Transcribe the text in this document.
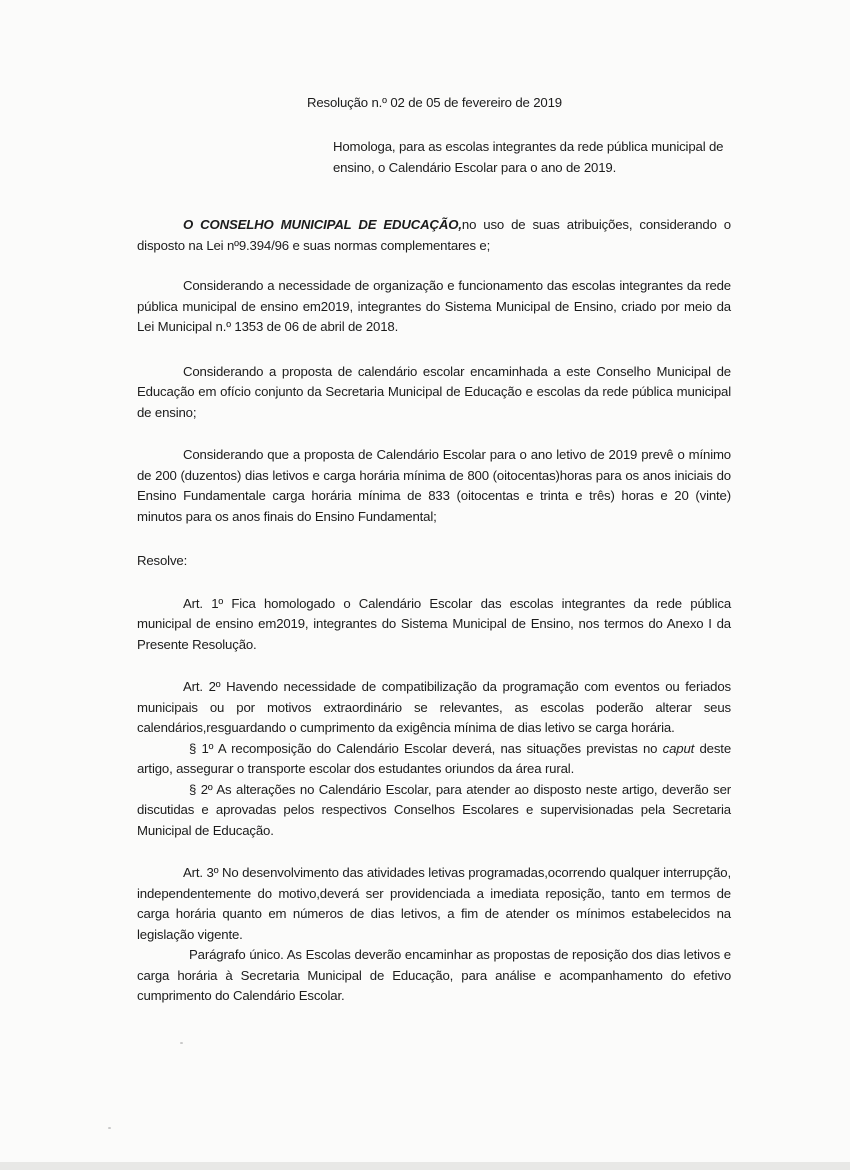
Resolução n.º 02 de 05 de fevereiro de 2019
Homologa, para as escolas integrantes da rede pública municipal de ensino, o Calendário Escolar para o ano de 2019.

O CONSELHO MUNICIPAL DE EDUCAÇÃO,no uso de suas atribuições, considerando o disposto na Lei nº9.394/96 e suas normas complementares e;

Considerando a necessidade de organização e funcionamento das escolas integrantes da rede pública municipal de ensino em2019, integrantes do Sistema Municipal de Ensino, criado por meio da Lei Municipal n.º 1353 de 06 de abril de 2018.

Considerando a proposta de calendário escolar encaminhada a este Conselho Municipal de Educação em ofício conjunto da Secretaria Municipal de Educação e escolas da rede pública municipal de ensino;

Considerando que a proposta de Calendário Escolar para o ano letivo de 2019 prevê o mínimo de 200 (duzentos) dias letivos e carga horária mínima de 800 (oitocentas)horas para os anos iniciais do Ensino Fundamentale carga horária mínima de 833 (oitocentas e trinta e três) horas e 20 (vinte) minutos para os anos finais do Ensino Fundamental;

Resolve:

Art. 1º Fica homologado o Calendário Escolar das escolas integrantes da rede pública municipal de ensino em2019, integrantes do Sistema Municipal de Ensino, nos termos do Anexo I da Presente Resolução.

Art. 2º Havendo necessidade de compatibilização da programação com eventos ou feriados municipais ou por motivos extraordinário se relevantes, as escolas poderão alterar seus calendários,resguardando o cumprimento da exigência mínima de dias letivo se carga horária.

§ 1º A recomposição do Calendário Escolar deverá, nas situações previstas no caput deste artigo, assegurar o transporte escolar dos estudantes oriundos da área rural.

§ 2º As alterações no Calendário Escolar, para atender ao disposto neste artigo, deverão ser discutidas e aprovadas pelos respectivos Conselhos Escolares e supervisionadas pela Secretaria Municipal de Educação.

Art. 3º No desenvolvimento das atividades letivas programadas,ocorrendo qualquer interrupção, independentemente do motivo,deverá ser providenciada a imediata reposição, tanto em termos de carga horária quanto em números de dias letivos, a fim de atender os mínimos estabelecidos na legislação vigente.

Parágrafo único. As Escolas deverão encaminhar as propostas de reposição dos dias letivos e carga horária à Secretaria Municipal de Educação, para análise e acompanhamento do efetivo cumprimento do Calendário Escolar.
